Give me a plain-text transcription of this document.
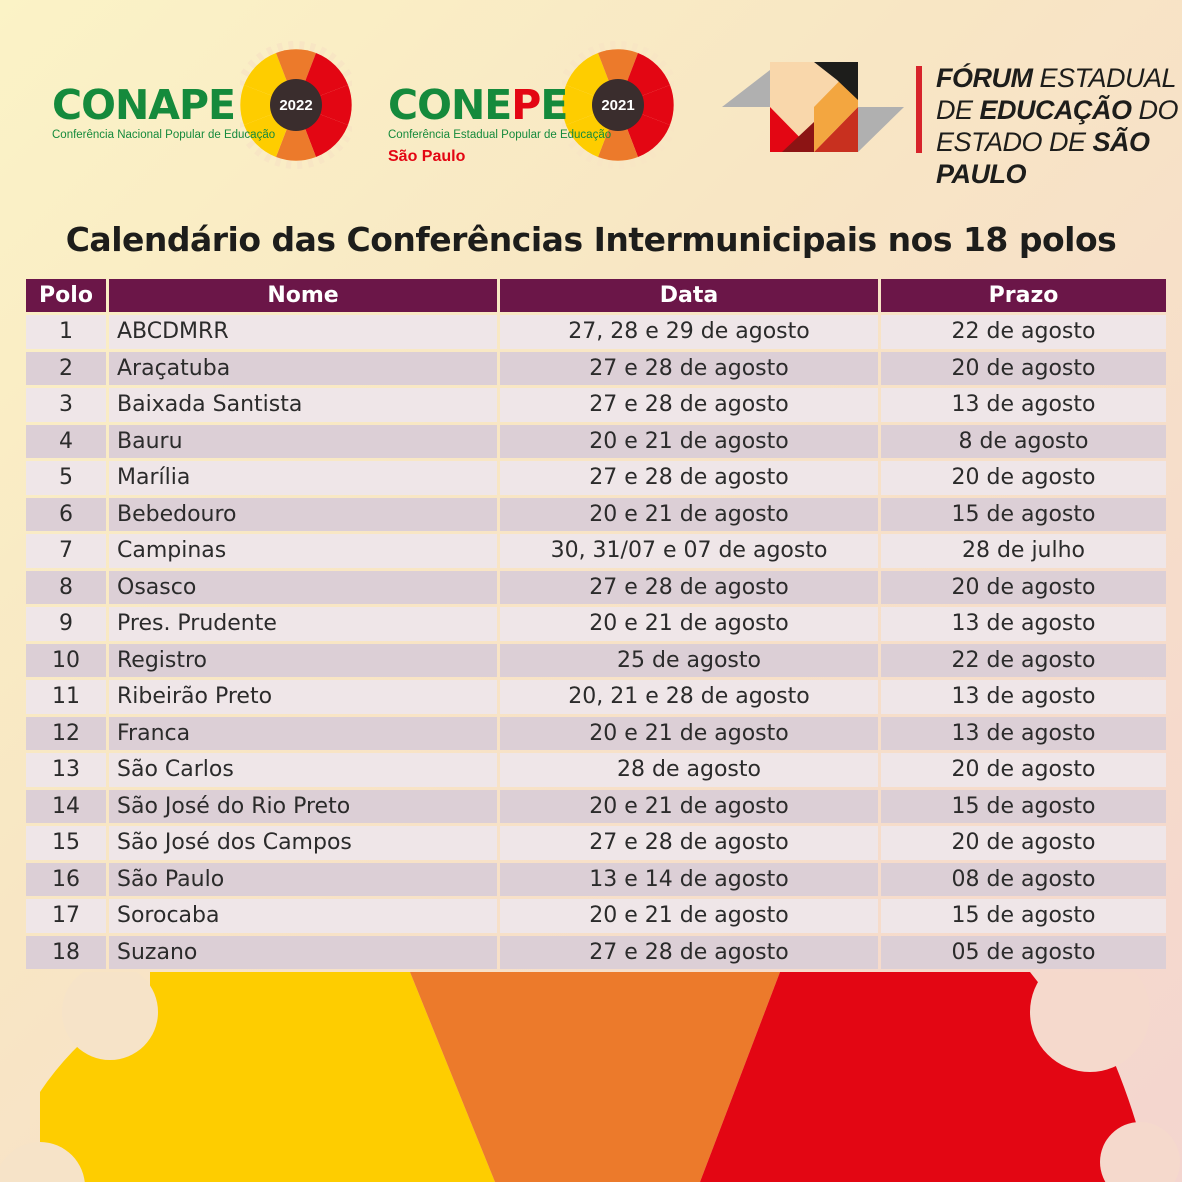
2022
CONAPE
Conferência Nacional Popular de Educação
2021
CONEPE
Conferência Estadual Popular de Educação
São Paulo
FÓRUM ESTADUAL
DE EDUCAÇÃO DO
ESTADO DE SÃO PAULO
Calendário das Conferências Intermunicipais nos 18 polos
Polo	Nome	Data	Prazo
1	ABCDMRR	27, 28 e 29 de agosto	22 de agosto
2	Araçatuba	27 e 28 de agosto	20 de agosto
3	Baixada Santista	27 e 28 de agosto	13 de agosto
4	Bauru	20 e 21 de agosto	8 de agosto
5	Marília	27 e 28 de agosto	20 de agosto
6	Bebedouro	20 e 21 de agosto	15 de agosto
7	Campinas	30, 31/07 e 07 de agosto	28 de julho
8	Osasco	27 e 28 de agosto	20 de agosto
9	Pres. Prudente	20 e 21 de agosto	13 de agosto
10	Registro	25 de agosto	22 de agosto
11	Ribeirão Preto	20, 21 e 28 de agosto	13 de agosto
12	Franca	20 e 21 de agosto	13 de agosto
13	São Carlos	28 de agosto	20 de agosto
14	São José do Rio Preto	20 e 21 de agosto	15 de agosto
15	São José dos Campos	27 e 28 de agosto	20 de agosto
16	São Paulo	13 e 14 de agosto	08 de agosto
17	Sorocaba	20 e 21 de agosto	15 de agosto
18	Suzano	27 e 28 de agosto	05 de agosto
